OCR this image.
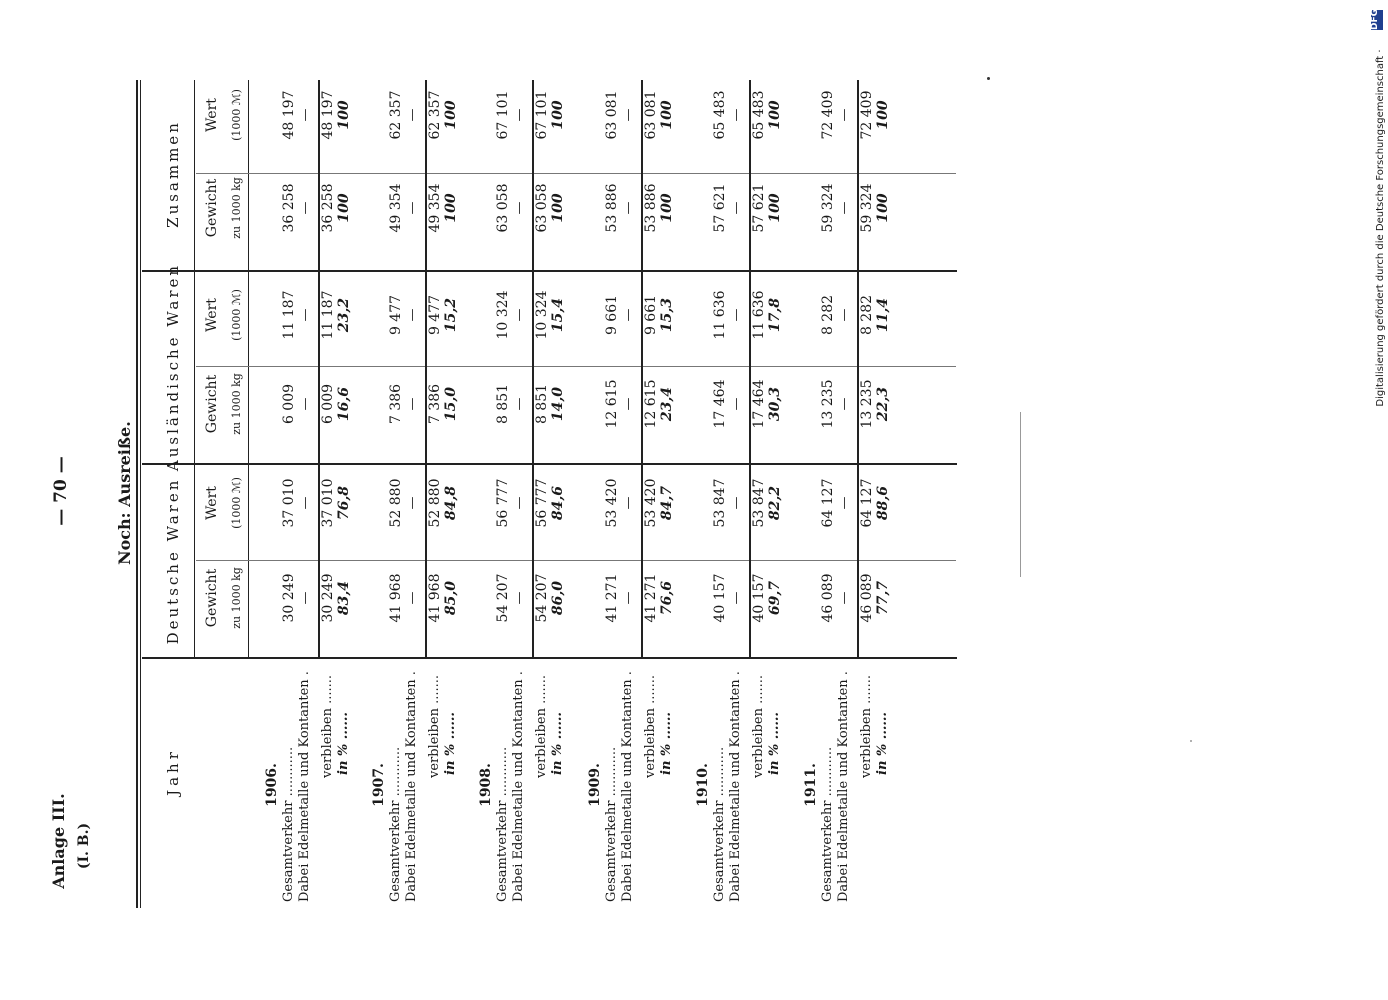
— 70 —
Anlage III. (I. B.)
Noch: Ausreiße.
Digitalisierung gefördert durch die Deutsche Forschungsgemeinschaft ·
DFG
Jahr
Deutsche Waren
Ausländische Waren
Zusammen
Gewicht zu 1000 kg
Wert (1000 ℳ)
Gewicht zu 1000 kg
Wert (1000 ℳ)
Gewicht zu 1000 kg
Wert (1000 ℳ)
1906. Gesamtverkehr ............ Dabei Edelmetalle und Kontanten . verbleiben ....... in % ......
30 249 — 30 249 83,4
37 010 — 37 010 76,8
6 009 — 6 009 16,6
11 187 — 11 187 23,2
36 258 — 36 258 100
48 197 — 48 197 100
1907. Gesamtverkehr ............ Dabei Edelmetalle und Kontanten . verbleiben ....... in % ......
41 968 — 41 968 85,0
52 880 — 52 880 84,8
7 386 — 7 386 15,0
9 477 — 9 477 15,2
49 354 — 49 354 100
62 357 — 62 357 100
1908. Gesamtverkehr ............ Dabei Edelmetalle und Kontanten . verbleiben ....... in % ......
54 207 — 54 207 86,0
56 777 — 56 777 84,6
8 851 — 8 851 14,0
10 324 — 10 324 15,4
63 058 — 63 058 100
67 101 — 67 101 100
1909. Gesamtverkehr ............ Dabei Edelmetalle und Kontanten . verbleiben ....... in % ......
41 271 — 41 271 76,6
53 420 — 53 420 84,7
12 615 — 12 615 23,4
9 661 — 9 661 15,3
53 886 — 53 886 100
63 081 — 63 081 100
1910. Gesamtverkehr ............ Dabei Edelmetalle und Kontanten . verbleiben ....... in % ......
40 157 — 40 157 69,7
53 847 — 53 847 82,2
17 464 — 17 464 30,3
11 636 — 11 636 17,8
57 621 — 57 621 100
65 483 — 65 483 100
1911. Gesamtverkehr ............ Dabei Edelmetalle und Kontanten . verbleiben ....... in % ......
46 089 — 46 089 77,7
64 127 — 64 127 88,6
13 235 — 13 235 22,3
8 282 — 8 282 11,4
59 324 — 59 324 100
72 409 — 72 409 100
